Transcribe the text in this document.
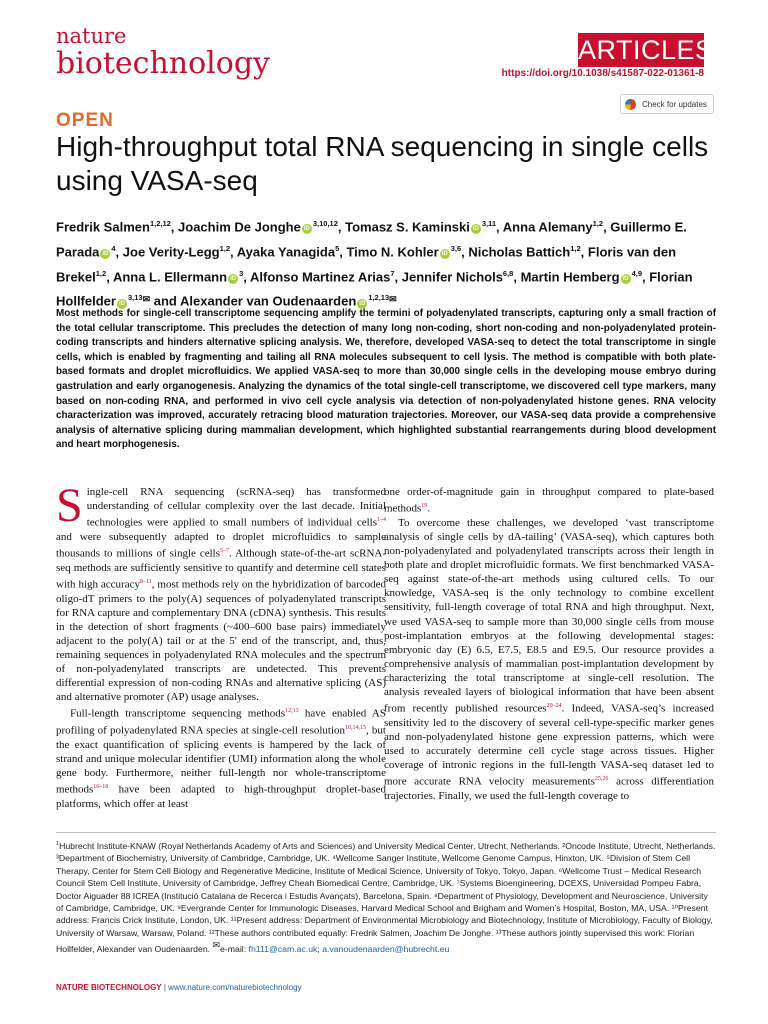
nature
biotechnology	ARTICLES
https://doi.org/10.1038/s41587-022-01361-8
Check for updates
OPEN
High-throughput total RNA sequencing in single cells using VASA-seq
Fredrik Salmen$^{1,2,12}$, Joachim De Jonghe iD$^{3,10,12}$, Tomasz S. Kaminski iD$^{3,11}$, Anna Alemany$^{1,2}$, Guillermo E. Parada $iD^4$, Joe Verity-Legg$^{1,2}$, Ayaka Yanagida$^5$, Timo N. Kohler iD$^{3,6}$, Nicholas Battich$^{1,2}$, Floris van den Brekel$^{1,2}$, Anna L. Ellermann $iD^3$, Alfonso Martinez Arias$^7$, Jennifer Nichols$^{6,8}$, Martin Hemberg iD$^{4,9}$, Florian Hollfelder iD$^{3,13}$✉ and Alexander van Oudenaarden iD$^{1,2,13}$✉

Most methods for single-cell transcriptome sequencing amplify the termini of polyadenylated transcripts, capturing only a small fraction of the total cellular transcriptome. This precludes the detection of many long non-coding, short non-coding and non-polyadenylated protein-coding transcripts and hinders alternative splicing analysis. We, therefore, developed VASA-seq to detect the total transcriptome in single cells, which is enabled by fragmenting and tailing all RNA molecules subsequent to cell lysis. The method is compatible with both plate-based formats and droplet microfluidics. We applied VASA-seq to more than 30,000 single cells in the developing mouse embryo during gastrulation and early organogenesis. Analyzing the dynamics of the total single-cell transcriptome, we discovered cell type markers, many based on non-coding RNA, and performed in vivo cell cycle analysis via detection of non-polyadenylated histone genes. RNA velocity characterization was improved, accurately retracing blood maturation trajectories. Moreover, our VASA-seq data provide a comprehensive analysis of alternative splicing during mammalian development, which highlighted substantial rearrangements during blood development and heart morphogenesis.

Single-cell RNA sequencing (scRNA-seq) has transformed understanding of cellular complexity over the last decade. Initial technologies were applied to small numbers of individual cells$^{1-4}$ and were subsequently adapted to droplet microfluidics to sample thousands to millions of single cells$^{5-7}$. Although state-of-the-art scRNA-seq methods are sufficiently sensitive to quantify and determine cell states with high accuracy$^{8-11}$, most methods rely on the hybridization of barcoded oligo-dT primers to the poly(A) sequences of polyadenylated transcripts for RNA capture and complementary DNA (cDNA) synthesis. This results in the detection of short fragments (~400–600 base pairs) immediately adjacent to the poly(A) tail or at the 5′ end of the transcript, and, thus, remaining sequences in polyadenylated RNA molecules and the spectrum of non-polyadenylated transcripts are undetected. This prevents differential expression of non-coding RNAs and alternative splicing (AS) and alternative promoter (AP) usage analyses.

Full-length transcriptome sequencing methods$^{12,13}$ have enabled AS profiling of polyadenylated RNA species at single-cell resolution$^{10,14,15}$, but the exact quantification of splicing events is hampered by the lack of strand and unique molecular identifier (UMI) information along the whole gene body. Furthermore, neither full-length nor whole-transcriptome methods$^{16-18}$ have been adapted to high-throughput droplet-based platforms, which offer at least

one order-of-magnitude gain in throughput compared to plate-based methods$^{19}$.

To overcome these challenges, we developed ‘vast transcriptome analysis of single cells by dA-tailing’ (VASA-seq), which captures both non-polyadenylated and polyadenylated transcripts across their length in both plate and droplet microfluidic formats. We first benchmarked VASA-seq against state-of-the-art methods using cultured cells. To our knowledge, VASA-seq is the only technology to combine excellent sensitivity, full-length coverage of total RNA and high throughput. Next, we used VASA-seq to sample more than 30,000 single cells from mouse post-implantation embryos at the following developmental stages: embryonic day (E) 6.5, E7.5, E8.5 and E9.5. Our resource provides a comprehensive analysis of mammalian post-implantation development by characterizing the total transcriptome at single-cell resolution. The analysis revealed layers of biological information that have been absent from recently published resources$^{20-24}$. Indeed, VASA-seq’s increased sensitivity led to the discovery of several cell-type-specific marker genes and non-polyadenylated histone gene expression patterns, which were used to accurately determine cell cycle stage across tissues. Higher coverage of intronic regions in the full-length VASA-seq dataset led to more accurate RNA velocity measurements$^{25,26}$ across differentiation trajectories. Finally, we used the full-length coverage to

$^1$Hubrecht Institute-KNAW (Royal Netherlands Academy of Arts and Sciences) and University Medical Center, Utrecht, Netherlands. ²Oncode Institute, Utrecht, Netherlands. ³Department of Biochemistry, University of Cambridge, Cambridge, UK. ⁴Wellcome Sanger Institute, Wellcome Genome Campus, Hinxton, UK. ⁵Division of Stem Cell Therapy, Center for Stem Cell Biology and Regenerative Medicine, Institute of Medical Science, University of Tokyo, Tokyo, Japan. ⁶Wellcome Trust – Medical Research Council Stem Cell Institute, University of Cambridge, Jeffrey Cheah Biomedical Centre, Cambridge, UK. ⁷Systems Bioengineering, DCEXS, Universidad Pompeu Fabra, Doctor Aiguader 88 ICREA (Institució Catalana de Recerca i Estudis Avançats), Barcelona, Spain. ⁸Department of Physiology, Development and Neuroscience, University of Cambridge, Cambridge, UK. ⁹Evergrande Center for Immunologic Diseases, Harvard Medical School and Brigham and Women’s Hospital, Boston, MA, USA. ¹⁰Present address: Francis Crick Institute, London, UK. ¹¹Present address: Department of Environmental Microbiology and Biotechnology, Institute of Microbiology, Faculty of Biology, University of Warsaw, Warsaw, Poland. ¹²These authors contributed equally: Fredrik Salmen, Joachim De Jonghe. ¹³These authors jointly supervised this work: Florian Hollfelder, Alexander van Oudenaarden. ✉e-mail: fh111@cam.ac.uk; a.vanoudenaarden@hubrecht.eu
NATURE BIOTECHNOLOGY | www.nature.com/naturebiotechnology
